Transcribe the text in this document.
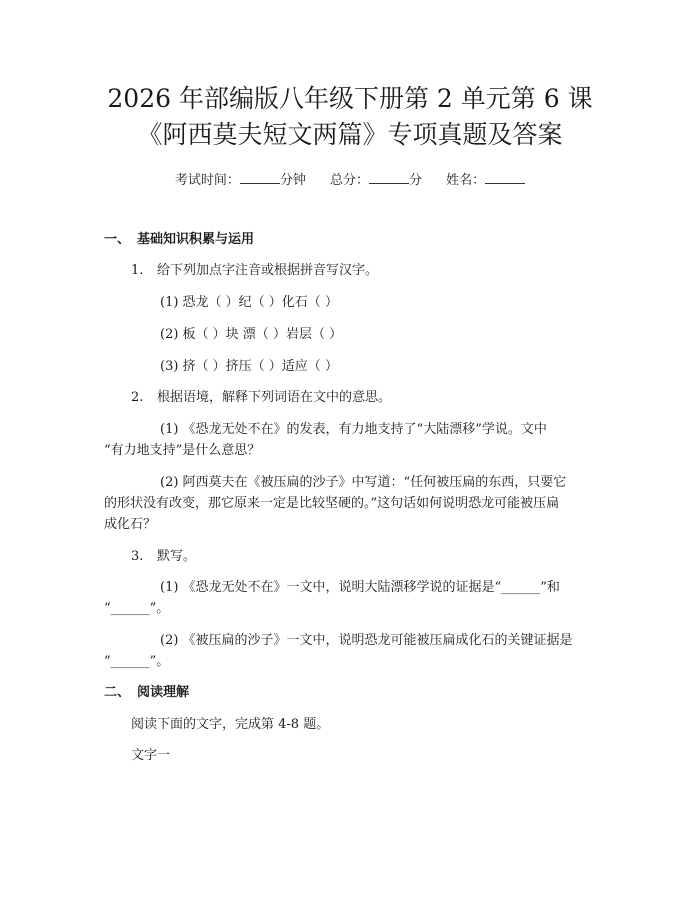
2026 年部编版八年级下册第 2 单元第 6 课
《阿西莫夫短文两篇》专项真题及答案
考试时间：	分钟 总分：	分 姓名：
一、 基础知识积累与运用
1. 给下列加点字注音或根据拼音写汉字。
(1) 恐龙（ ）纪（ ）化石（ ）
(2) 板（ ）块 漂（ ）岩层（ ）
(3) 挤（ ）挤压（ ）适应（ ）
2. 根据语境，解释下列词语在文中的意思。
(1) 《恐龙无处不在》的发表，有力地支持了“大陆漂移”学说。文中
“有力地支持”是什么意思？
(2) 阿西莫夫在《被压扁的沙子》中写道：“任何被压扁的东西，只要它
的形状没有改变，那它原来一定是比较坚硬的。”这句话如何说明恐龙可能被压扁
成化石？
3. 默写。
(1) 《恐龙无处不在》一文中，说明大陆漂移学说的证据是“______”和
“______”。
(2) 《被压扁的沙子》一文中，说明恐龙可能被压扁成化石的关键证据是
“______”。
二、 阅读理解
阅读下面的文字，完成第 4-8 题。
文字一
